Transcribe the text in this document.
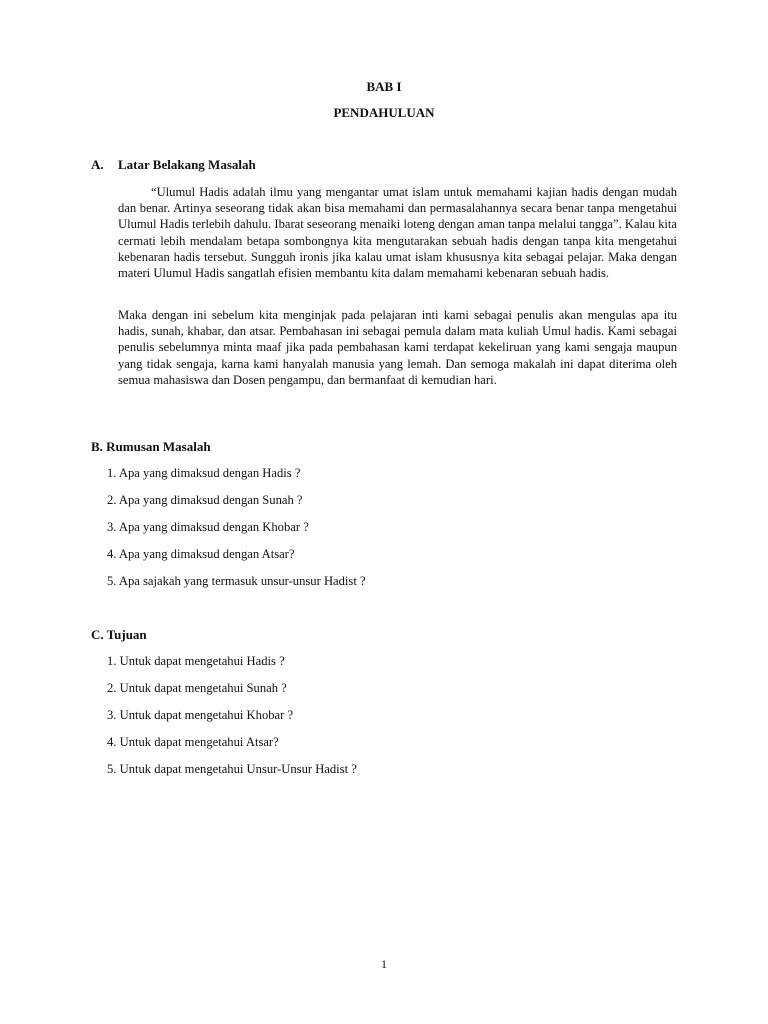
BAB I
PENDAHULUAN
A. Latar Belakang Masalah

“Ulumul Hadis adalah ilmu yang mengantar umat islam untuk memahami kajian hadis dengan mudah dan benar. Artinya seseorang tidak akan bisa memahami dan permasalahannya secara benar tanpa mengetahui Ulumul Hadis terlebih dahulu. Ibarat seseorang menaiki loteng dengan aman tanpa melalui tangga”. Kalau kita cermati lebih mendalam betapa sombongnya kita mengutarakan sebuah hadis dengan tanpa kita mengetahui kebenaran hadis tersebut. Sungguh ironis jika kalau umat islam khususnya kita sebagai pelajar. Maka dengan materi Ulumul Hadis sangatlah efisien membantu kita dalam memahami kebenaran sebuah hadis.

Maka dengan ini sebelum kita menginjak pada pelajaran inti kami sebagai penulis akan mengulas apa itu hadis, sunah, khabar, dan atsar. Pembahasan ini sebagai pemula dalam mata kuliah Umul hadis. Kami sebagai penulis sebelumnya minta maaf jika pada pembahasan kami terdapat kekeliruan yang kami sengaja maupun yang tidak sengaja, karna kami hanyalah manusia yang lemah. Dan semoga makalah ini dapat diterima oleh semua mahasiswa dan Dosen pengampu, dan bermanfaat di kemudian hari.

B. Rumusan Masalah
1. Apa yang dimaksud dengan Hadis ?
2. Apa yang dimaksud dengan Sunah ?
3. Apa yang dimaksud dengan Khobar ?
4. Apa yang dimaksud dengan Atsar?
5. Apa sajakah yang termasuk unsur-unsur Hadist ?
C. Tujuan
1. Untuk dapat mengetahui Hadis ?
2. Untuk dapat mengetahui Sunah ?
3. Untuk dapat mengetahui Khobar ?
4. Untuk dapat mengetahui Atsar?
5. Untuk dapat mengetahui Unsur-Unsur Hadist ?
1
